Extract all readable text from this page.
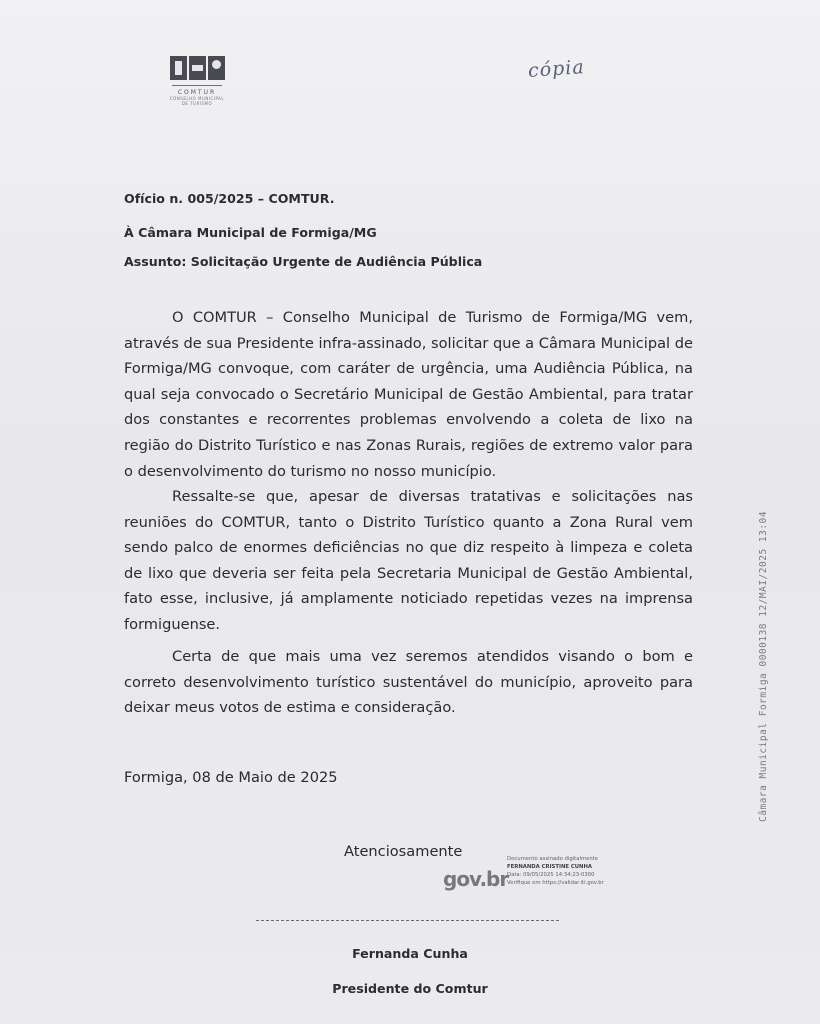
COMTUR
CONSELHO MUNICIPAL DE TURISMO
cópia
Ofício n. 005/2025 – COMTUR.
À Câmara Municipal de Formiga/MG
Assunto: Solicitação Urgente de Audiência Pública

O COMTUR – Conselho Municipal de Turismo de Formiga/MG vem, através de sua Presidente infra-assinado, solicitar que a Câmara Municipal de Formiga/MG convoque, com caráter de urgência, uma Audiência Pública, na qual seja convocado o Secretário Municipal de Gestão Ambiental, para tratar dos constantes e recorrentes problemas envolvendo a coleta de lixo na região do Distrito Turístico e nas Zonas Rurais, regiões de extremo valor para o desenvolvimento do turismo no nosso município.

Ressalte-se que, apesar de diversas tratativas e solicitações nas reuniões do COMTUR, tanto o Distrito Turístico quanto a Zona Rural vem sendo palco de enormes deficiências no que diz respeito à limpeza e coleta de lixo que deveria ser feita pela Secretaria Municipal de Gestão Ambiental, fato esse, inclusive, já amplamente noticiado repetidas vezes na imprensa formiguense.

Certa de que mais uma vez seremos atendidos visando o bom e correto desenvolvimento turístico sustentável do município, aproveito para deixar meus votos de estima e consideração.

Formiga, 08 de Maio de 2025
Atenciosamente
gov.br
Documento assinado digitalmente
FERNANDA CRISTINE CUNHA
Data: 09/05/2025 14:34:23-0300
Verifique em https://validar.iti.gov.br
Fernanda Cunha
Presidente do Comtur
Câmara Municipal Formiga 0000138 12/MAI/2025 13:04
